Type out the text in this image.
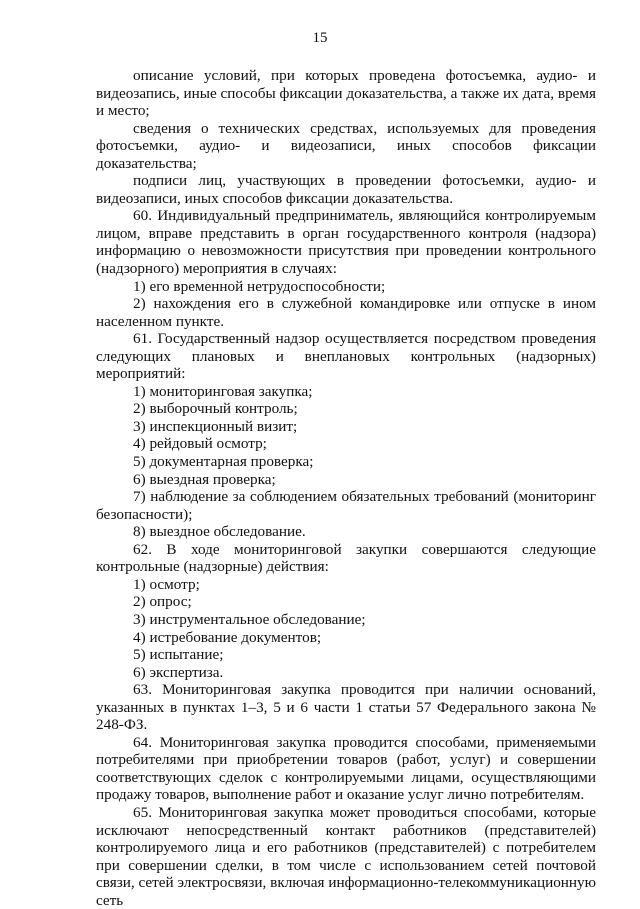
15

описание условий, при которых проведена фотосъемка, аудио- и видеозапись, иные способы фиксации доказательства, а также их дата, время и место;

сведения о технических средствах, используемых для проведения фотосъемки, аудио- и видеозаписи, иных способов фиксации доказательства;

подписи лиц, участвующих в проведении фотосъемки, аудио- и видеозаписи, иных способов фиксации доказательства.

60. Индивидуальный предприниматель, являющийся контролируемым лицом, вправе представить в орган государственного контроля (надзора) информацию о невозможности присутствия при проведении контрольного (надзорного) мероприятия в случаях:

1) его временной нетрудоспособности;

2) нахождения его в служебной командировке или отпуске в ином населенном пункте.

61. Государственный надзор осуществляется посредством проведения следующих плановых и внеплановых контрольных (надзорных) мероприятий:

1) мониторинговая закупка;

2) выборочный контроль;

3) инспекционный визит;

4) рейдовый осмотр;

5) документарная проверка;

6) выездная проверка;

7) наблюдение за соблюдением обязательных требований (мониторинг безопасности);

8) выездное обследование.

62. В ходе мониторинговой закупки совершаются следующие контрольные (надзорные) действия:

1) осмотр;

2) опрос;

3) инструментальное обследование;

4) истребование документов;

5) испытание;

6) экспертиза.

63. Мониторинговая закупка проводится при наличии оснований, указанных в пунктах 1–3, 5 и 6 части 1 статьи 57 Федерального закона № 248-ФЗ.

64. Мониторинговая закупка проводится способами, применяемыми потребителями при приобретении товаров (работ, услуг) и совершении соответствующих сделок с контролируемыми лицами, осуществляющими продажу товаров, выполнение работ и оказание услуг лично потребителям.

65. Мониторинговая закупка может проводиться способами, которые исключают непосредственный контакт работников (представителей) контролируемого лица и его работников (представителей) с потребителем при совершении сделки, в том числе с использованием сетей почтовой связи, сетей электросвязи, включая информационно-телекоммуникационную сеть
